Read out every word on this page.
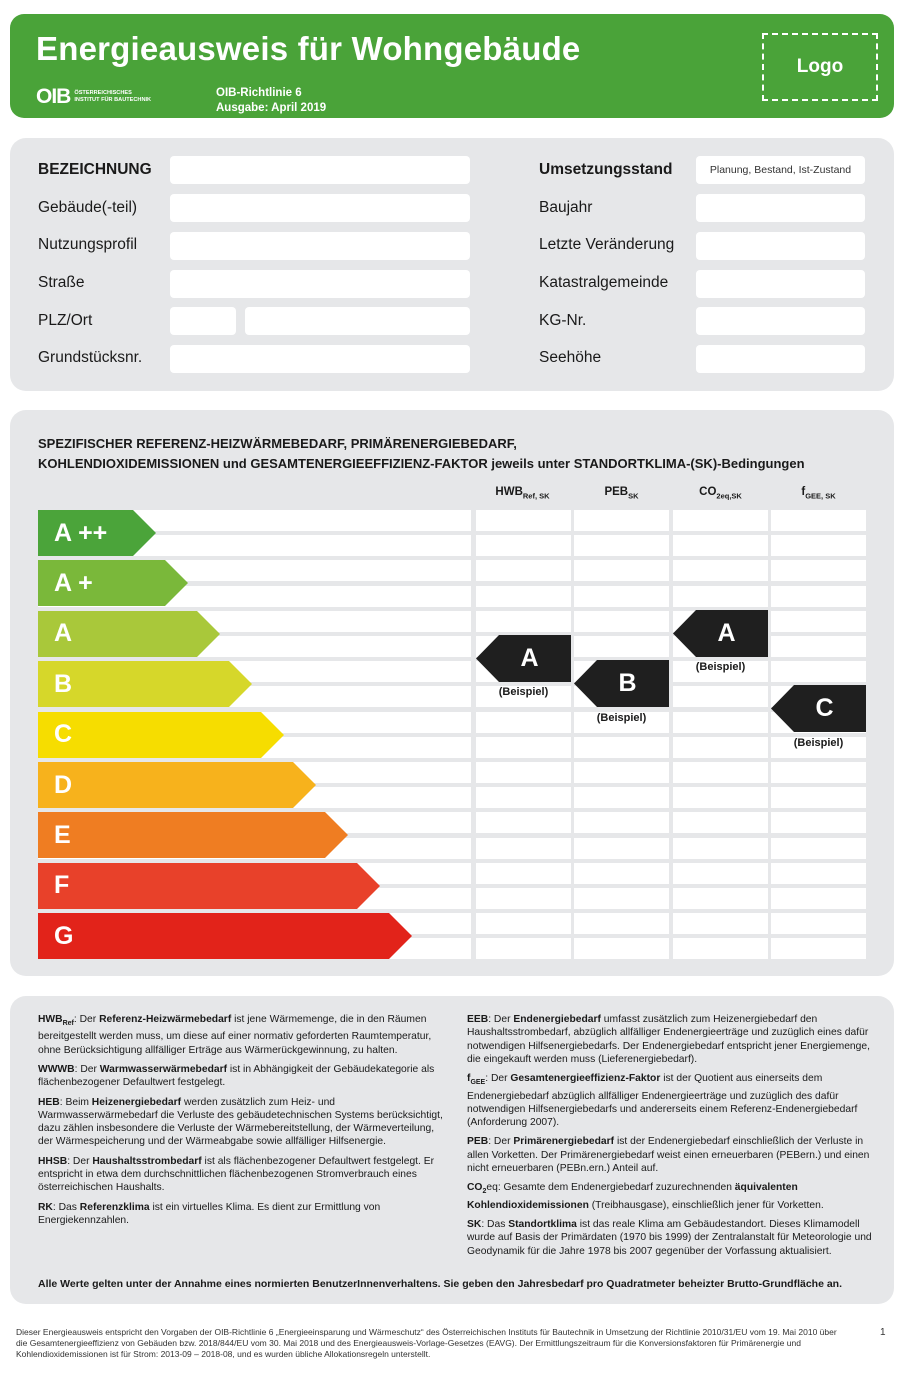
Energieausweis für Wohngebäude
OIB ÖSTERREICHISCHES
INSTITUT FÜR BAUTECHNIK
OIB-Richtlinie 6
Ausgabe: April 2019
Logo
BEZEICHNUNG
Gebäude(-teil)
Nutzungsprofil
Straße
PLZ/Ort
Grundstücksnr.
Umsetzungsstand
Baujahr
Letzte Veränderung
Katastralgemeinde
KG-Nr.
Seehöhe
Planung, Bestand, Ist-Zustand
SPEZIFISCHER REFERENZ-HEIZWÄRMEBEDARF, PRIMÄRENERGIEBEDARF,
KOHLENDIOXIDEMISSIONEN und GESAMTENERGIEEFFIZIENZ-FAKTOR jeweils unter STANDORTKLIMA-(SK)-Bedingungen
$HWB_{Ref, SK}$	$PEB_{SK}$	$CO_{2eq,SK}$	$f_{GEE, SK}$
A ++
A +
A
B
C
D
E
F
G
A
(Beispiel)	B
(Beispiel)
A
(Beispiel)
C
(Beispiel)
$HWB_{Ref}$: Der Referenz-Heizwärmebedarf ist jene Wärmemenge, die in den Räumen bereitgestellt werden muss, um diese auf einer normativ geforderten Raumtemperatur, ohne Berücksichtigung allfälliger Erträge aus Wärmerückgewinnung, zu halten.
WWWB: Der Warmwasserwärmebedarf ist in Abhängigkeit der Gebäudekategorie als flächenbezogener Defaultwert festgelegt.
HEB: Beim Heizenergiebedarf werden zusätzlich zum Heiz- und Warmwasserwärmebedarf die Verluste des gebäudetechnischen Systems berücksichtigt, dazu zählen insbesondere die Verluste der Wärmebereitstellung, der Wärmeverteilung, der Wärmespeicherung und der Wärmeabgabe sowie allfälliger Hilfsenergie.
HHSB: Der Haushaltsstrombedarf ist als flächenbezogener Defaultwert festgelegt. Er entspricht in etwa dem durchschnittlichen flächenbezogenen Stromverbrauch eines österreichischen Haushalts.
RK: Das Referenzklima ist ein virtuelles Klima. Es dient zur Ermittlung von Energiekennzahlen.
EEB: Der Endenergiebedarf umfasst zusätzlich zum Heizenergiebedarf den Haushaltsstrombedarf, abzüglich allfälliger Endenergieerträge und zuzüglich eines dafür notwendigen Hilfsenergiebedarfs. Der Endenergiebedarf entspricht jener Energiemenge, die eingekauft werden muss (Lieferenergiebedarf).
$f_{GEE}$: Der Gesamtenergieeffizienz-Faktor ist der Quotient aus einerseits dem Endenergiebedarf abzüglich allfälliger Endenergieerträge und zuzüglich des dafür notwendigen Hilfsenergiebedarfs und andererseits einem Referenz-Endenergiebedarf (Anforderung 2007).
PEB: Der Primärenergiebedarf ist der Endenergiebedarf einschließlich der Verluste in allen Vorketten. Der Primärenergiebedarf weist einen erneuerbaren (PEBern.) und einen nicht erneuerbaren (PEBn.ern.) Anteil auf.
$CO_2eq$: Gesamte dem Endenergiebedarf zuzurechnenden äquivalenten Kohlendioxidemissionen (Treibhausgase), einschließlich jener für Vorketten.
SK: Das Standortklima ist das reale Klima am Gebäudestandort. Dieses Klimamodell wurde auf Basis der Primärdaten (1970 bis 1999) der Zentralanstalt für Meteorologie und Geodynamik für die Jahre 1978 bis 2007 gegenüber der Vorfassung aktualisiert.
Alle Werte gelten unter der Annahme eines normierten BenutzerInnenverhaltens. Sie geben den Jahresbedarf pro Quadratmeter beheizter Brutto-Grundfläche an.
Dieser Energieausweis entspricht den Vorgaben der OIB-Richtlinie 6 „Energieeinsparung und Wärmeschutz“ des Österreichischen Instituts für Bautechnik in Umsetzung der Richtlinie 2010/31/EU vom 19. Mai 2010 über die Gesamtenergieeffizienz von Gebäuden bzw. 2018/844/EU vom 30. Mai 2018 und des Energieausweis-Vorlage-Gesetzes (EAVG). Der Ermittlungszeitraum für die Konversionsfaktoren für Primärenergie und Kohlendioxidemissionen ist für Strom: 2013-09 – 2018-08, und es wurden übliche Allokationsregeln unterstellt.
1
